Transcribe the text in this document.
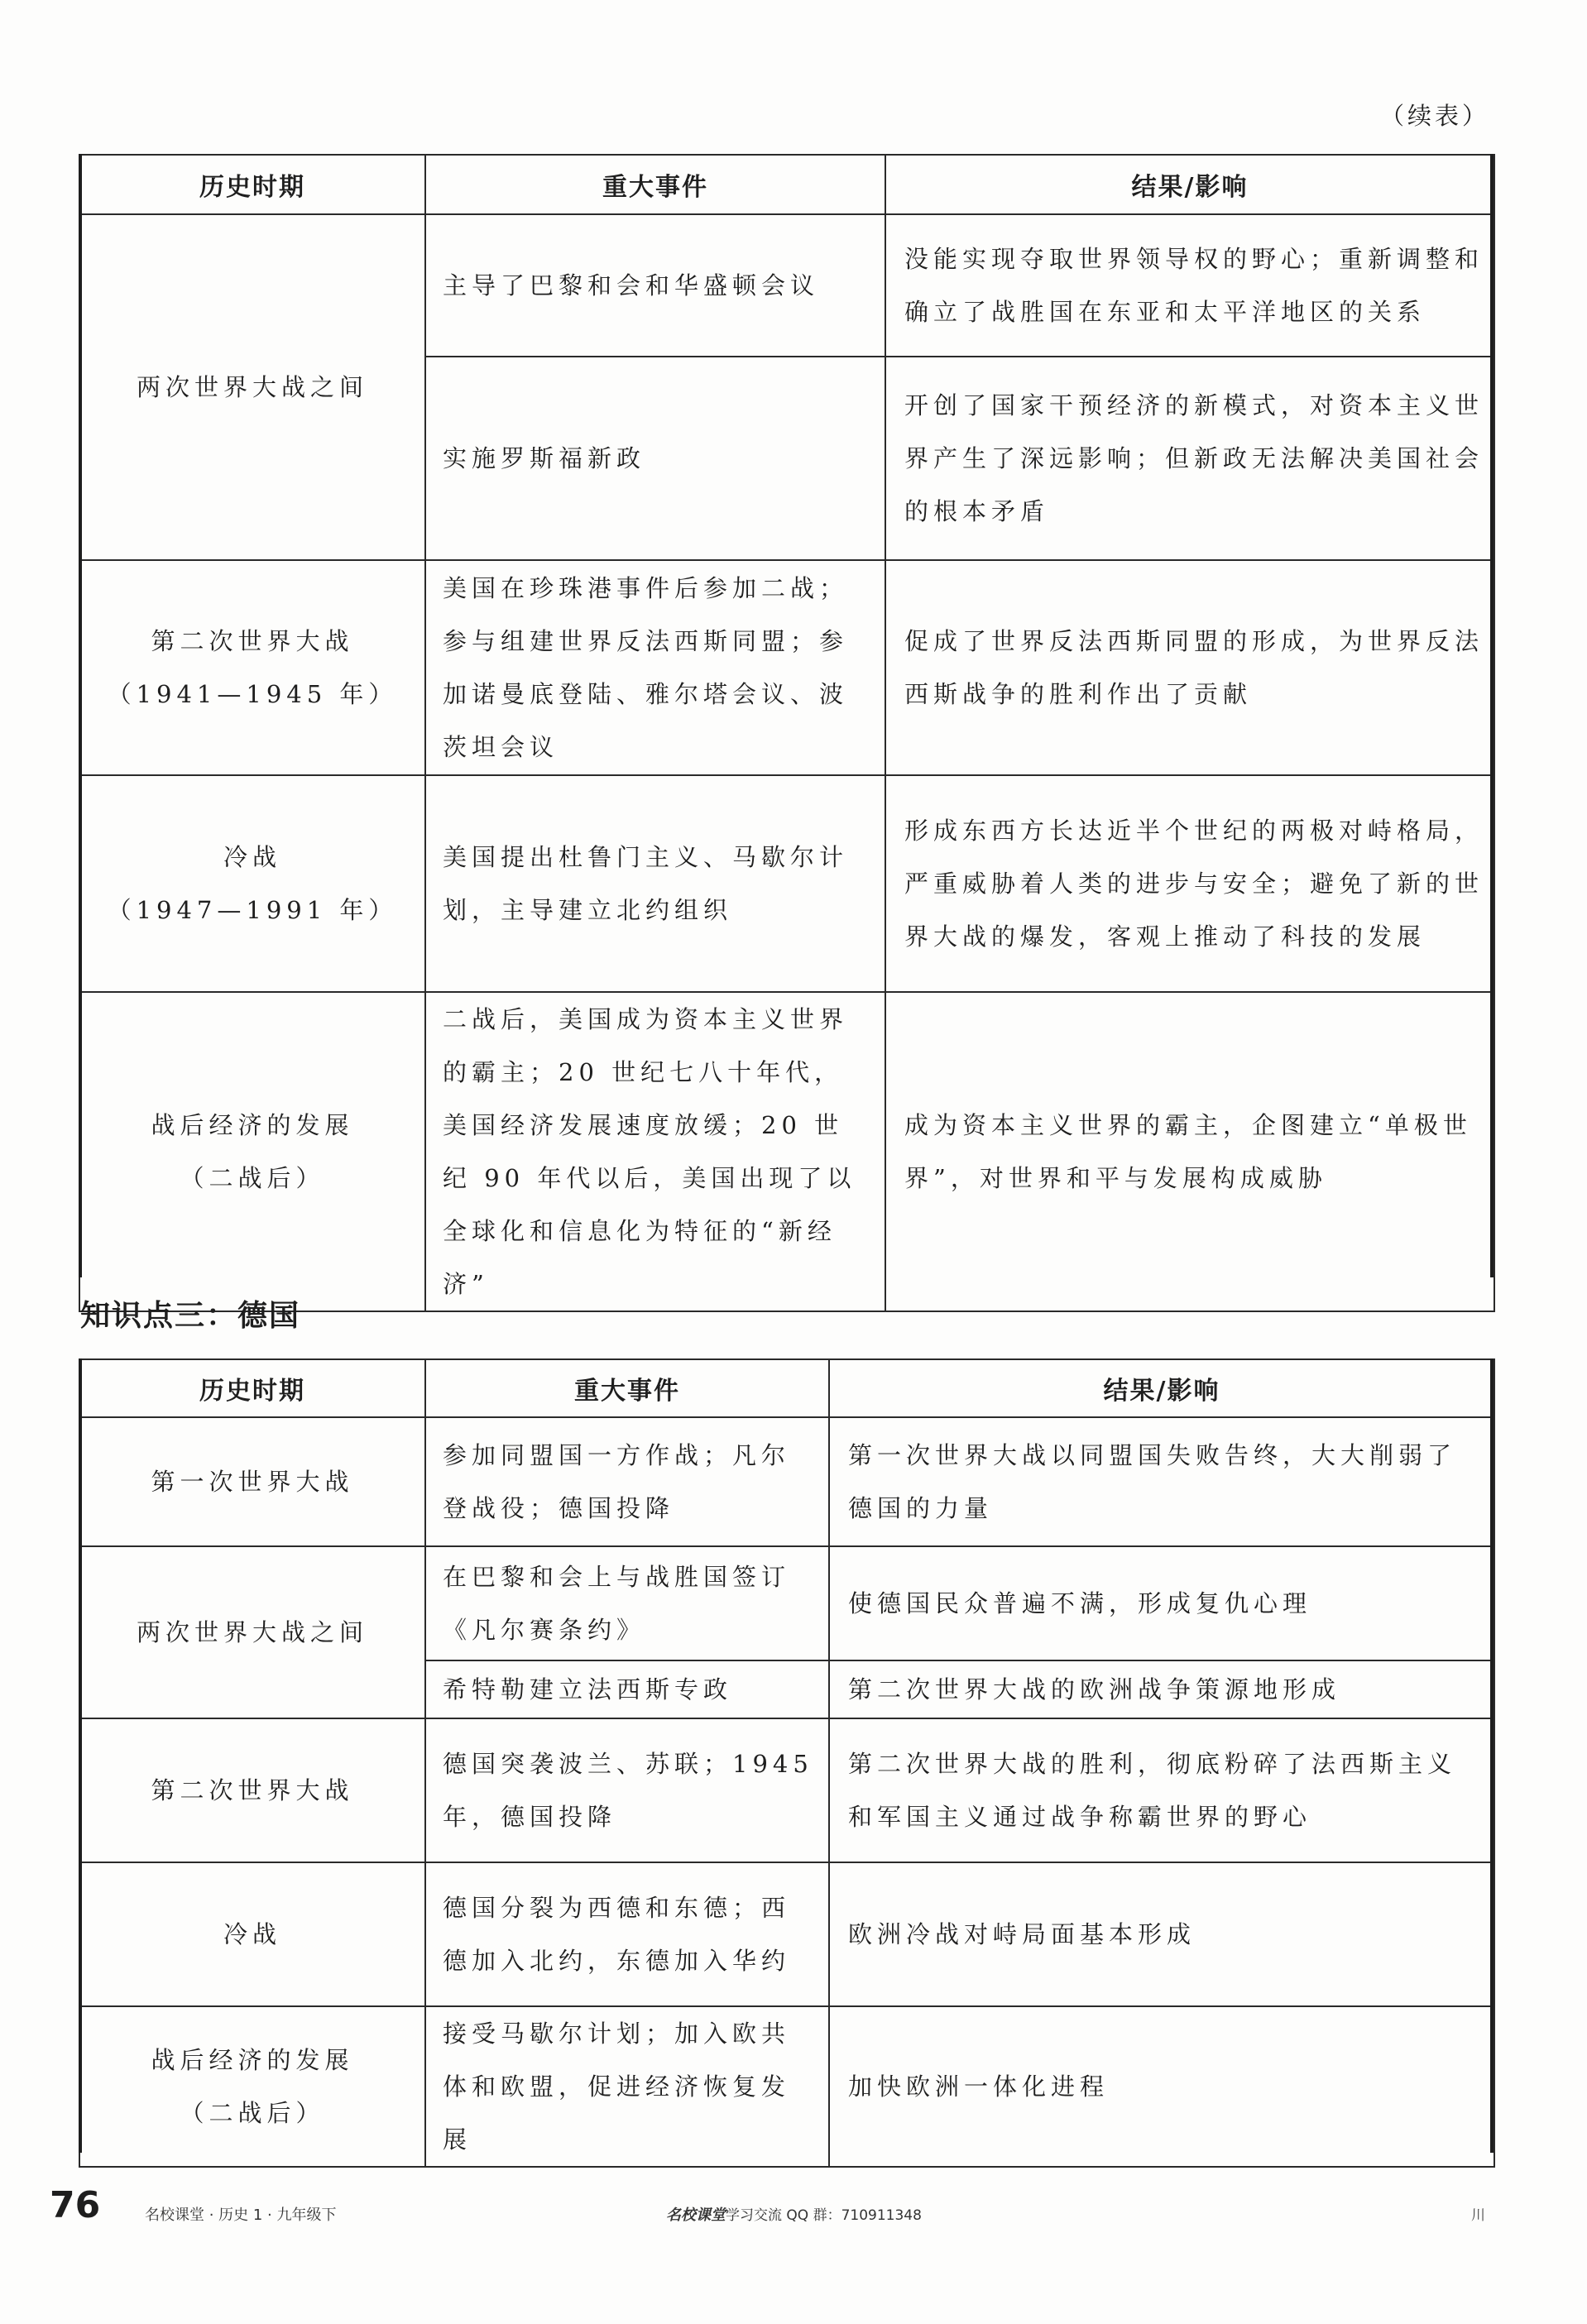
（续表）
历史时期	重大事件	结果/影响

两次世界大战之间	主导了巴黎和会和华盛顿会议	没能实现夺取世界领导权的野心；重新调整和确立了战胜国在东亚和太平洋地区的关系
	实施罗斯福新政	开创了国家干预经济的新模式，对资本主义世界产生了深远影响；但新政无法解决美国社会的根本矛盾

第二次世界大战
（1941—1945 年）	美国在珍珠港事件后参加二战；参与组建世界反法西斯同盟；参加诺曼底登陆、雅尔塔会议、波茨坦会议	促成了世界反法西斯同盟的形成，为世界反法西斯战争的胜利作出了贡献

冷战
（1947—1991 年）	美国提出杜鲁门主义、马歇尔计划，主导建立北约组织	形成东西方长达近半个世纪的两极对峙格局，严重威胁着人类的进步与安全；避免了新的世界大战的爆发，客观上推动了科技的发展

战后经济的发展
（二战后）	二战后，美国成为资本主义世界的霸主；20 世纪七八十年代，美国经济发展速度放缓；20 世纪 90 年代以后，美国出现了以全球化和信息化为特征的“新经济”	成为资本主义世界的霸主，企图建立“单极世界”，对世界和平与发展构成威胁
知识点三：德国
历史时期	重大事件	结果/影响

第一次世界大战	参加同盟国一方作战；凡尔登战役；德国投降	第一次世界大战以同盟国失败告终，大大削弱了德国的力量

两次世界大战之间	在巴黎和会上与战胜国签订《凡尔赛条约》	使德国民众普遍不满，形成复仇心理
	希特勒建立法西斯专政	第二次世界大战的欧洲战争策源地形成

第二次世界大战	德国突袭波兰、苏联；1945 年，德国投降	第二次世界大战的胜利，彻底粉碎了法西斯主义和军国主义通过战争称霸世界的野心

冷战	德国分裂为西德和东德；西德加入北约，东德加入华约	欧洲冷战对峙局面基本形成

战后经济的发展
（二战后）	接受马歇尔计划；加入欧共体和欧盟，促进经济恢复发展	加快欧洲一体化进程
76	名校课堂 · 历史 1 · 九年级下	名校课堂学习交流 QQ 群：710911348	川
